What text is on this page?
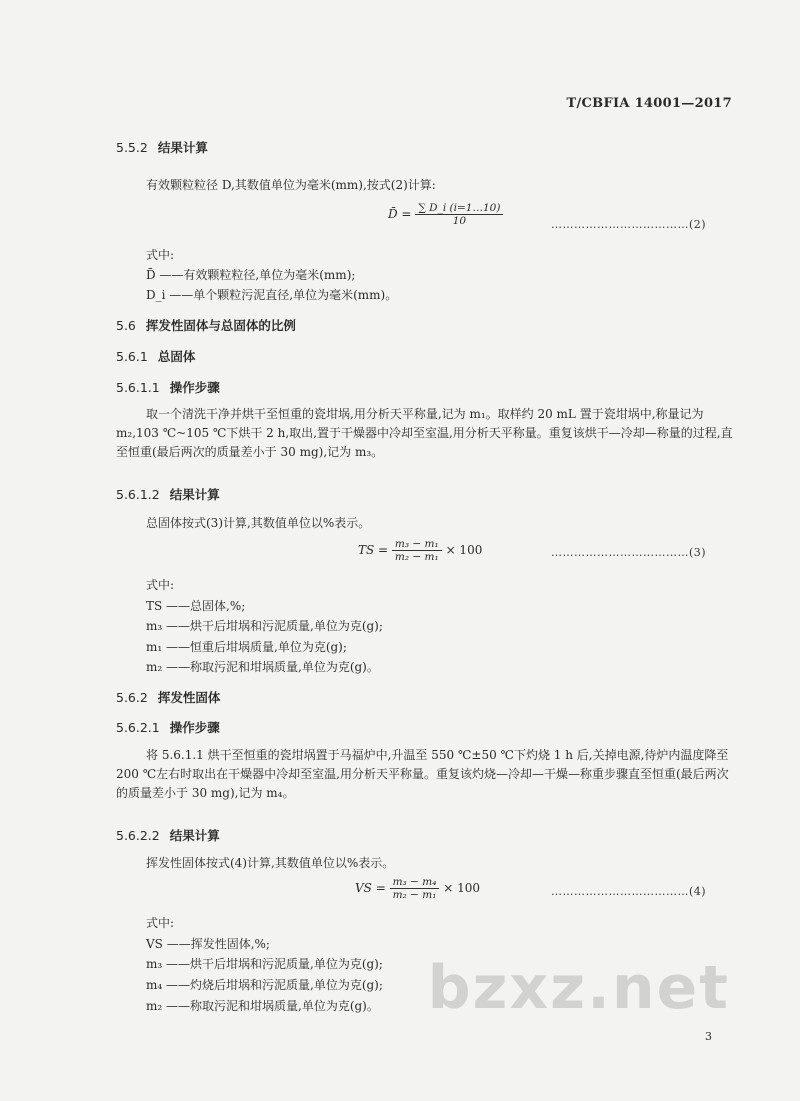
T/CBFIA 14001—2017
5.5.2 结果计算
有效颗粒粒径 D,其数值单位为毫米(mm),按式(2)计算:
D̄ = $\frac{\sum D\_i (i=1\dots 10)}{10}$	………………………………(2)
式中:
D̄ ——有效颗粒粒径,单位为毫米(mm);
D_i ——单个颗粒污泥直径,单位为毫米(mm)。
5.6 挥发性固体与总固体的比例
5.6.1 总固体
5.6.1.1 操作步骤
取一个清洗干净并烘干至恒重的瓷坩埚,用分析天平称量,记为 m₁。取样约 20 mL 置于瓷坩埚中,称量记为 m₂,103 ℃~105 ℃下烘干 2 h,取出,置于干燥器中冷却至室温,用分析天平称量。重复该烘干—冷却—称量的过程,直至恒重(最后两次的质量差小于 30 mg),记为 m₃。
5.6.1.2 结果计算
总固体按式(3)计算,其数值单位以%表示。
TS = $\frac{\text{m₃ − m₁}}{\text{m₂ − m₁}} \times 100$	………………………………(3)
式中:
TS ——总固体,%;
m₃ ——烘干后坩埚和污泥质量,单位为克(g);
m₁ ——恒重后坩埚质量,单位为克(g);
m₂ ——称取污泥和坩埚质量,单位为克(g)。
5.6.2 挥发性固体
5.6.2.1 操作步骤
将 5.6.1.1 烘干至恒重的瓷坩埚置于马福炉中,升温至 550 ℃±50 ℃下灼烧 1 h 后,关掉电源,待炉内温度降至 200 ℃左右时取出在干燥器中冷却至室温,用分析天平称量。重复该灼烧—冷却—干燥—称重步骤直至恒重(最后两次的质量差小于 30 mg),记为 m₄。
5.6.2.2 结果计算
挥发性固体按式(4)计算,其数值单位以%表示。
VS = $\frac{\text{m₃ − m₄}}{\text{m₂ − m₁}} \times 100$	………………………………(4)
式中:
VS ——挥发性固体,%;
m₃ ——烘干后坩埚和污泥质量,单位为克(g);
m₄ ——灼烧后坩埚和污泥质量,单位为克(g);
m₂ ——称取污泥和坩埚质量,单位为克(g)。 bzxz.net
3
